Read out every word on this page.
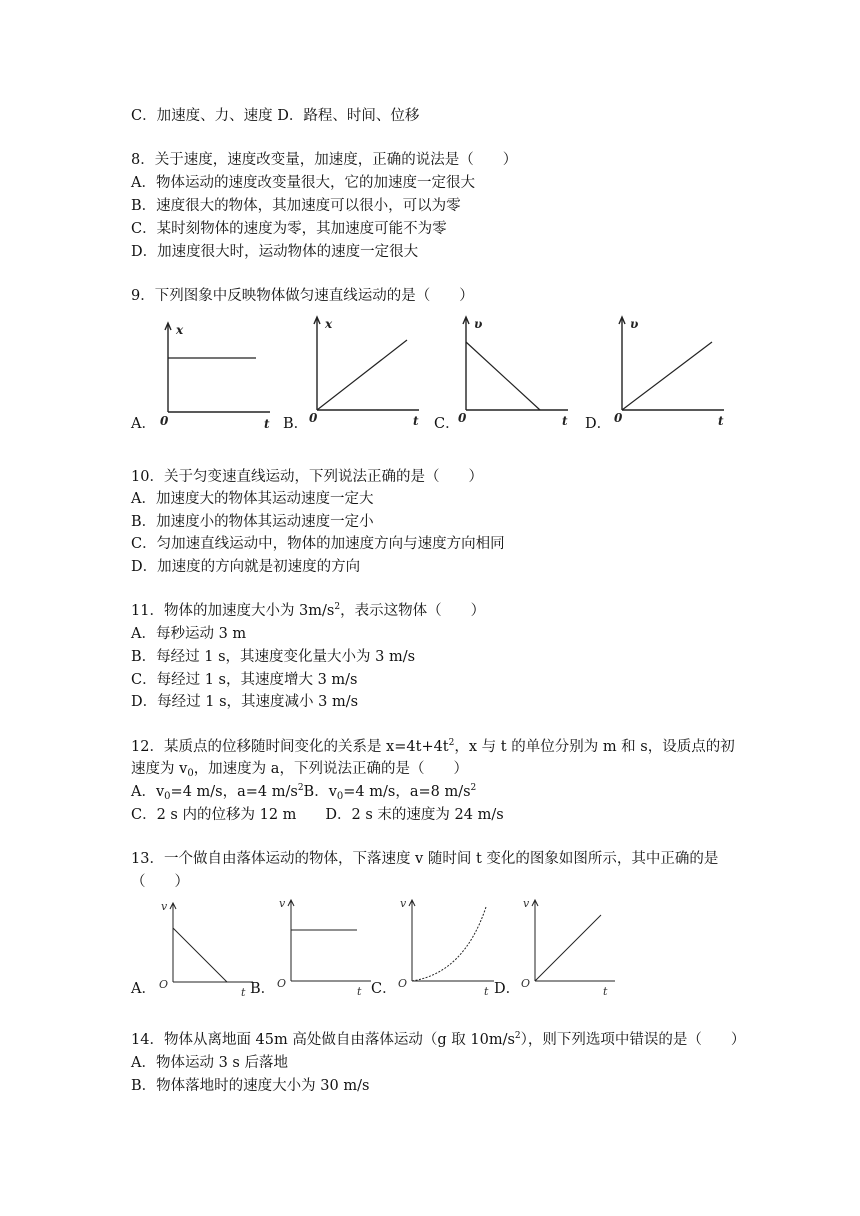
C．加速度、力、速度 D．路程、时间、位移
8．关于速度，速度改变量，加速度，正确的说法是（　　）
A．物体运动的速度改变量很大，它的加速度一定很大
B．速度很大的物体，其加速度可以很小，可以为零
C．某时刻物体的速度为零，其加速度可能不为零
D．加速度很大时，运动物体的速度一定很大
9．下列图象中反映物体做匀速直线运动的是（　　）
A．
x
0	t B．
x
0	t C．
υ
0	t D．
υ
0	t
10．关于匀变速直线运动，下列说法正确的是（　　）
A．加速度大的物体其运动速度一定大
B．加速度小的物体其运动速度一定小
C．匀加速直线运动中，物体的加速度方向与速度方向相同
D．加速度的方向就是初速度的方向
11．物体的加速度大小为 $3m/s^2$，表示这物体（　　）
A．每秒运动 3 m
B．每经过 1 s，其速度变化量大小为 3 m/s
C．每经过 1 s，其速度增大 3 m/s
D．每经过 1 s，其速度减小 3 m/s
12．某质点的位移随时间变化的关系是 $x=4t+4t^2$，x 与 t 的单位分别为 m 和 s，设质点的初
速度为 $v_0$，加速度为 a，下列说法正确的是（　　）
A．$v_0=4$ m/s，a=4 $m/s^2B$．$v_0=4$ m/s，a=8 $m/s^2$
C．2 s 内的位移为 12 m　　D．2 s 末的速度为 24 m/s
13．一个做自由落体运动的物体，下落速度 v 随时间 t 变化的图象如图所示，其中正确的是
（　　）
A．
v
O
t B．
v
O
t C．
v
O
t D．
v
O
t
14．物体从离地面 45m 高处做自由落体运动（g 取 $10m/s^2$），则下列选项中错误的是（　　）
A．物体运动 3 s 后落地
B．物体落地时的速度大小为 30 m/s
